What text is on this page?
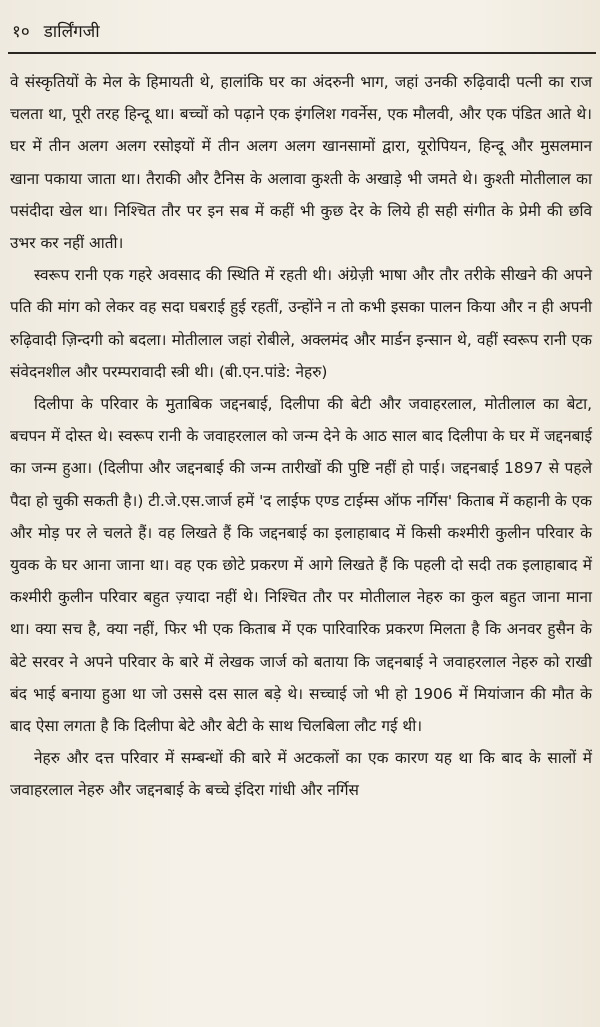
१० डार्लिंगजी

वे संस्कृतियों के मेल के हिमायती थे, हालांकि घर का अंदरुनी भाग, जहां उनकी रुढ़िवादी पत्नी का राज चलता था, पूरी तरह हिन्दू था। बच्चों को पढ़ाने एक इंगलिश गवर्नेस, एक मौलवी, और एक पंडित आते थे। घर में तीन अलग अलग रसोइयों में तीन अलग अलग खानसामों द्वारा, यूरोपियन, हिन्दू और मुसलमान खाना पकाया जाता था। तैराकी और टैनिस के अलावा कुश्ती के अखाड़े भी जमते थे। कुश्ती मोतीलाल का पसंदीदा खेल था। निश्चित तौर पर इन सब में कहीं भी कुछ देर के लिये ही सही संगीत के प्रेमी की छवि उभर कर नहीं आती।

स्वरूप रानी एक गहरे अवसाद की स्थिति में रहती थी। अंग्रेज़ी भाषा और तौर तरीके सीखने की अपने पति की मांग को लेकर वह सदा घबराई हुई रहतीं, उन्होंने न तो कभी इसका पालन किया और न ही अपनी रुढ़िवादी ज़िन्दगी को बदला। मोतीलाल जहां रोबीले, अक्लमंद और मार्डन इन्सान थे, वहीं स्वरूप रानी एक संवेदनशील और परम्परावादी स्त्री थी। (बी.एन.पांडे: नेहरु)

दिलीपा के परिवार के मुताबिक जद्दनबाई, दिलीपा की बेटी और जवाहरलाल, मोतीलाल का बेटा, बचपन में दोस्त थे। स्वरूप रानी के जवाहरलाल को जन्म देने के आठ साल बाद दिलीपा के घर में जद्दनबाई का जन्म हुआ। (दिलीपा और जद्दनबाई की जन्म तारीखों की पुष्टि नहीं हो पाई। जद्दनबाई 1897 से पहले पैदा हो चुकी सकती है।) टी.जे.एस.जार्ज हमें 'द लाईफ एण्ड टाईम्स ऑफ नर्गिस' किताब में कहानी के एक और मोड़ पर ले चलते हैं। वह लिखते हैं कि जद्दनबाई का इलाहाबाद में किसी कश्मीरी कुलीन परिवार के युवक के घर आना जाना था। वह एक छोटे प्रकरण में आगे लिखते हैं कि पहली दो सदी तक इलाहाबाद में कश्मीरी कुलीन परिवार बहुत ज़्यादा नहीं थे। निश्चित तौर पर मोतीलाल नेहरु का कुल बहुत जाना माना था। क्या सच है, क्या नहीं, फिर भी एक किताब में एक पारिवारिक प्रकरण मिलता है कि अनवर हुसैन के बेटे सरवर ने अपने परिवार के बारे में लेखक जार्ज को बताया कि जद्दनबाई ने जवाहरलाल नेहरु को राखी बंद भाई बनाया हुआ था जो उससे दस साल बड़े थे। सच्चाई जो भी हो 1906 में मियांजान की मौत के बाद ऐसा लगता है कि दिलीपा बेटे और बेटी के साथ चिलबिला लौट गई थी।

नेहरु और दत्त परिवार में सम्बन्धों की बारे में अटकलों का एक कारण यह था कि बाद के सालों में जवाहरलाल नेहरु और जद्दनबाई के बच्चे इंदिरा गांधी और नर्गिस
